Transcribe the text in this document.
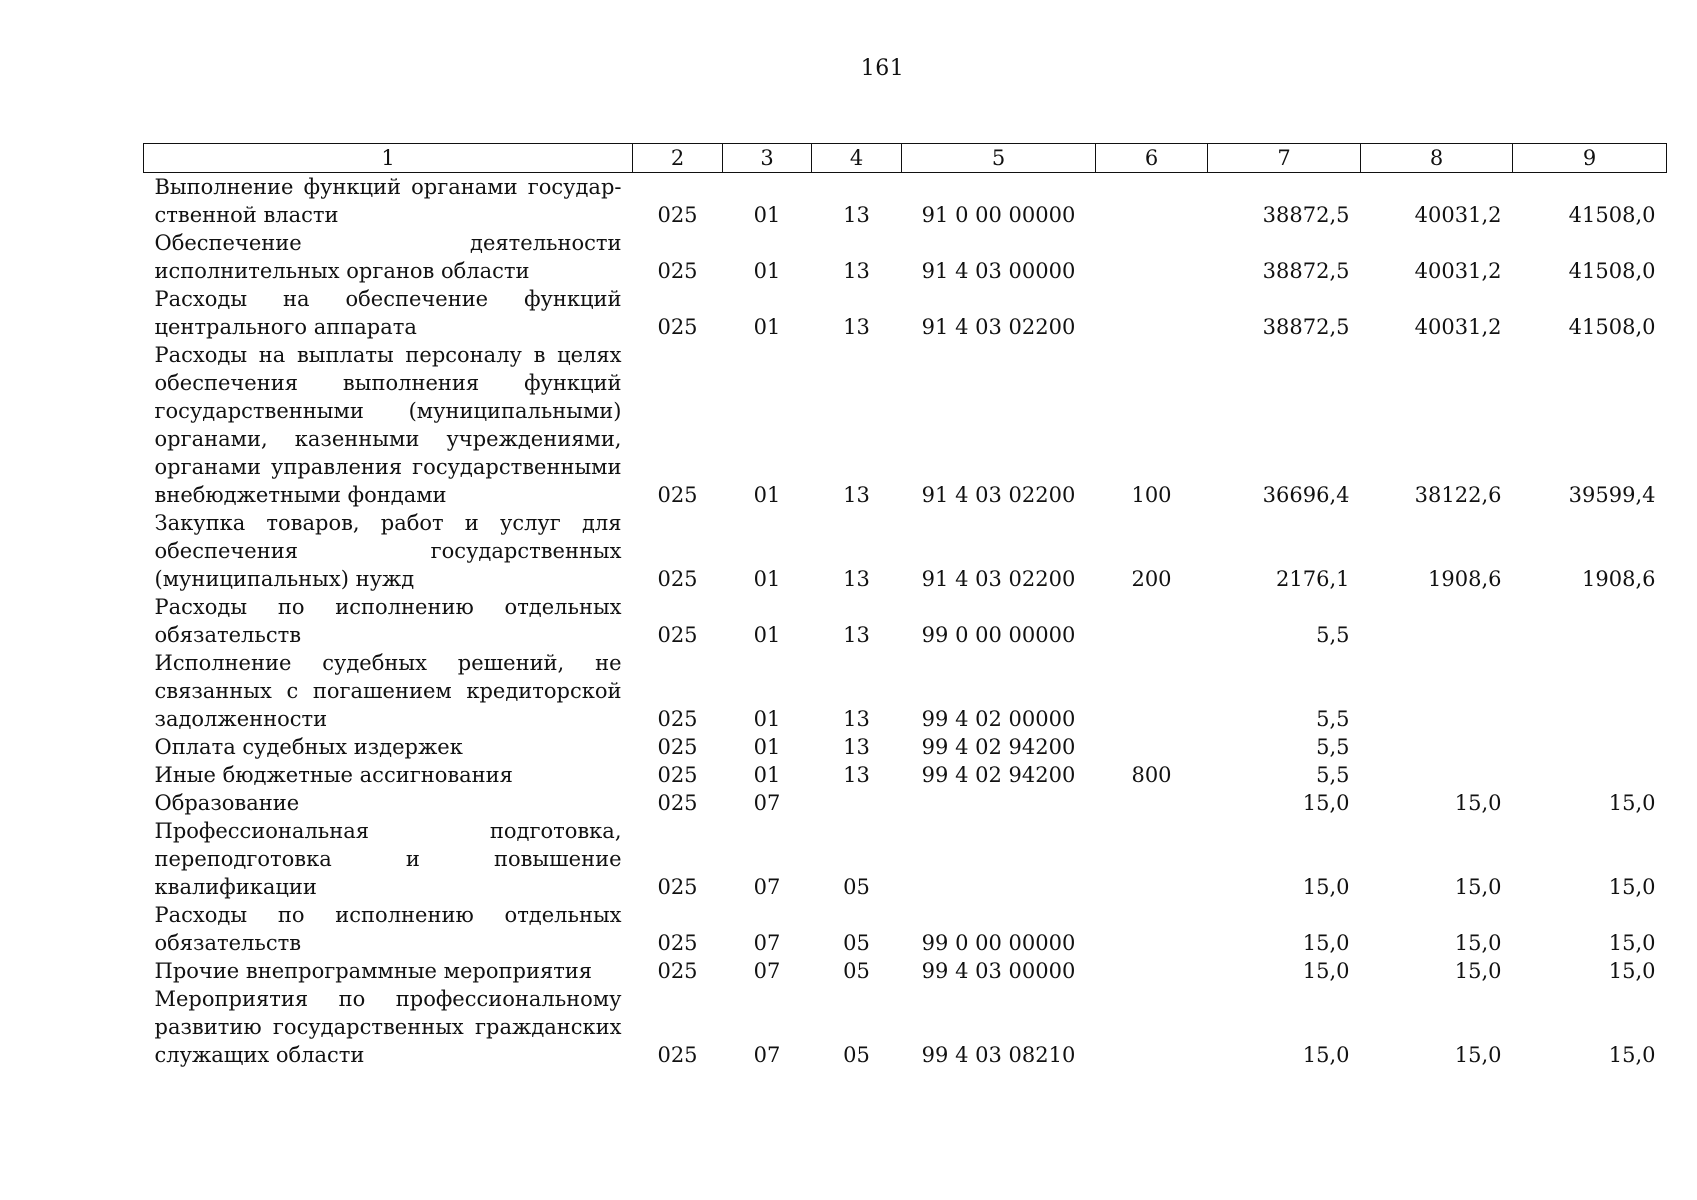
161
1	2	3	4	5	6	7	8	9
Выполнение функций органами государственной власти	025	01	13	91 0 00 00000		38872,5	40031,2	41508,0
Обеспечение деятельности исполнительных органов области	025	01	13	91 4 03 00000		38872,5	40031,2	41508,0
Расходы на обеспечение функций центрального аппарата	025	01	13	91 4 03 02200		38872,5	40031,2	41508,0
Расходы на выплаты персоналу в целях обеспечения выполнения функций государственными (муниципальными) органами, казенными учреждениями, органами управления государственными внебюджетными фондами	025	01	13	91 4 03 02200	100	36696,4	38122,6	39599,4
Закупка товаров, работ и услуг для обеспечения государственных (муниципальных) нужд	025	01	13	91 4 03 02200	200	2176,1	1908,6	1908,6
Расходы по исполнению отдельных обязательств	025	01	13	99 0 00 00000		5,5		
Исполнение судебных решений, не связанных с погашением кредиторской задолженности	025	01	13	99 4 02 00000		5,5		
Оплата судебных издержек	025	01	13	99 4 02 94200		5,5		
Иные бюджетные ассигнования	025	01	13	99 4 02 94200	800	5,5		
Образование	025	07				15,0	15,0	15,0
Профессиональная подготовка, переподготовка и повышение квалификации	025	07	05			15,0	15,0	15,0
Расходы по исполнению отдельных обязательств	025	07	05	99 0 00 00000		15,0	15,0	15,0
Прочие внепрограммные мероприятия	025	07	05	99 4 03 00000		15,0	15,0	15,0
Мероприятия по профессиональному развитию государственных гражданских служащих области	025	07	05	99 4 03 08210		15,0	15,0	15,0
